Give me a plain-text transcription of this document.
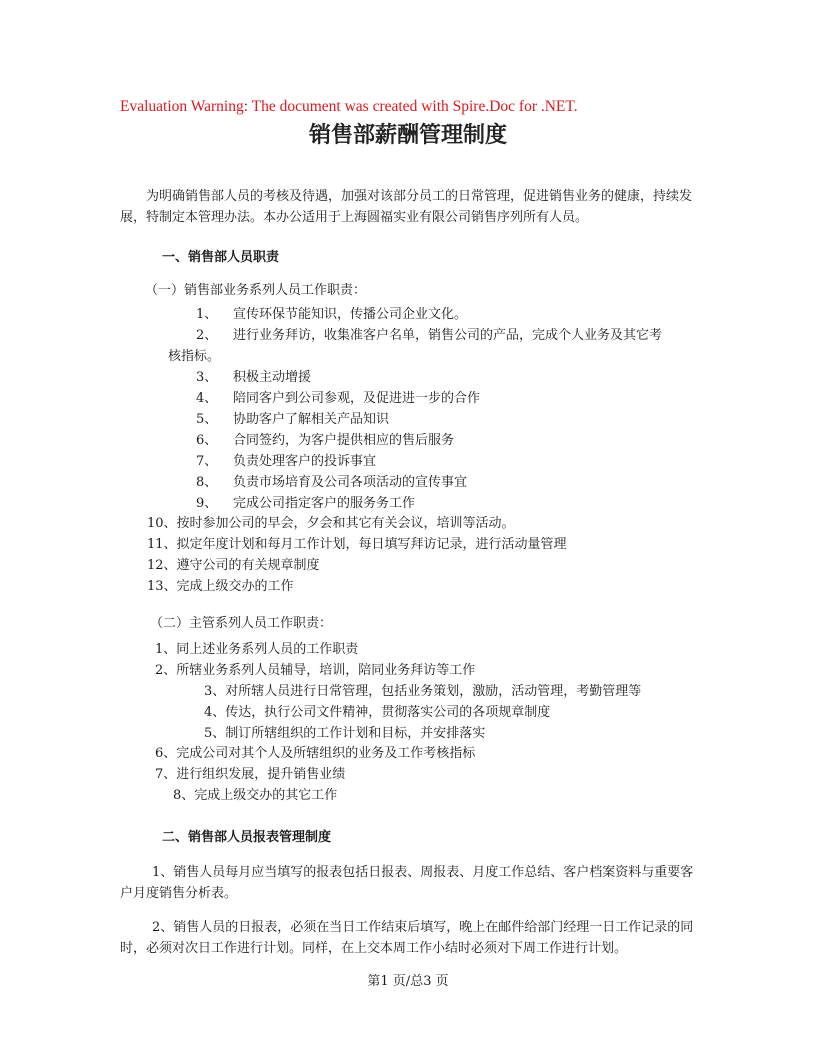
Evaluation Warning: The document was created with Spire.Doc for .NET.
销售部薪酬管理制度
为明确销售部人员的考核及待遇，加强对该部分员工的日常管理，促进销售业务的健康，持续发展，特制定本管理办法。本办公适用于上海圆福实业有限公司销售序列所有人员。
一、销售部人员职责
（一）销售部业务系列人员工作职责：
1、 宣传环保节能知识，传播公司企业文化。
2、 进行业务拜访，收集准客户名单，销售公司的产品，完成个人业务及其它考
核指标。
3、 积极主动增援
4、 陪同客户到公司参观，及促进进一步的合作
5、 协助客户了解相关产品知识
6、 合同签约，为客户提供相应的售后服务
7、 负责处理客户的投诉事宜
8、 负责市场培育及公司各项活动的宣传事宜
9、 完成公司指定客户的服务务工作
10、按时参加公司的早会，夕会和其它有关会议，培训等活动。
11、拟定年度计划和每月工作计划，每日填写拜访记录，进行活动量管理
12、遵守公司的有关规章制度
13、完成上级交办的工作
（二）主管系列人员工作职责：
1、同上述业务系列人员的工作职责
2、所辖业务系列人员辅导，培训，陪同业务拜访等工作
3、对所辖人员进行日常管理，包括业务策划，激励，活动管理，考勤管理等
4、传达，执行公司文件精神，贯彻落实公司的各项规章制度
5、制订所辖组织的工作计划和目标，并安排落实
6、完成公司对其个人及所辖组织的业务及工作考核指标
7、进行组织发展，提升销售业绩
8、完成上级交办的其它工作
二、销售部人员报表管理制度
1、销售人员每月应当填写的报表包括日报表、周报表、月度工作总结、客户档案资料与重要客户月度销售分析表。
2、销售人员的日报表，必须在当日工作结束后填写，晚上在邮件给部门经理一日工作记录的同时，必须对次日工作进行计划。同样，在上交本周工作小结时必须对下周工作进行计划。
第1 页/总3 页
